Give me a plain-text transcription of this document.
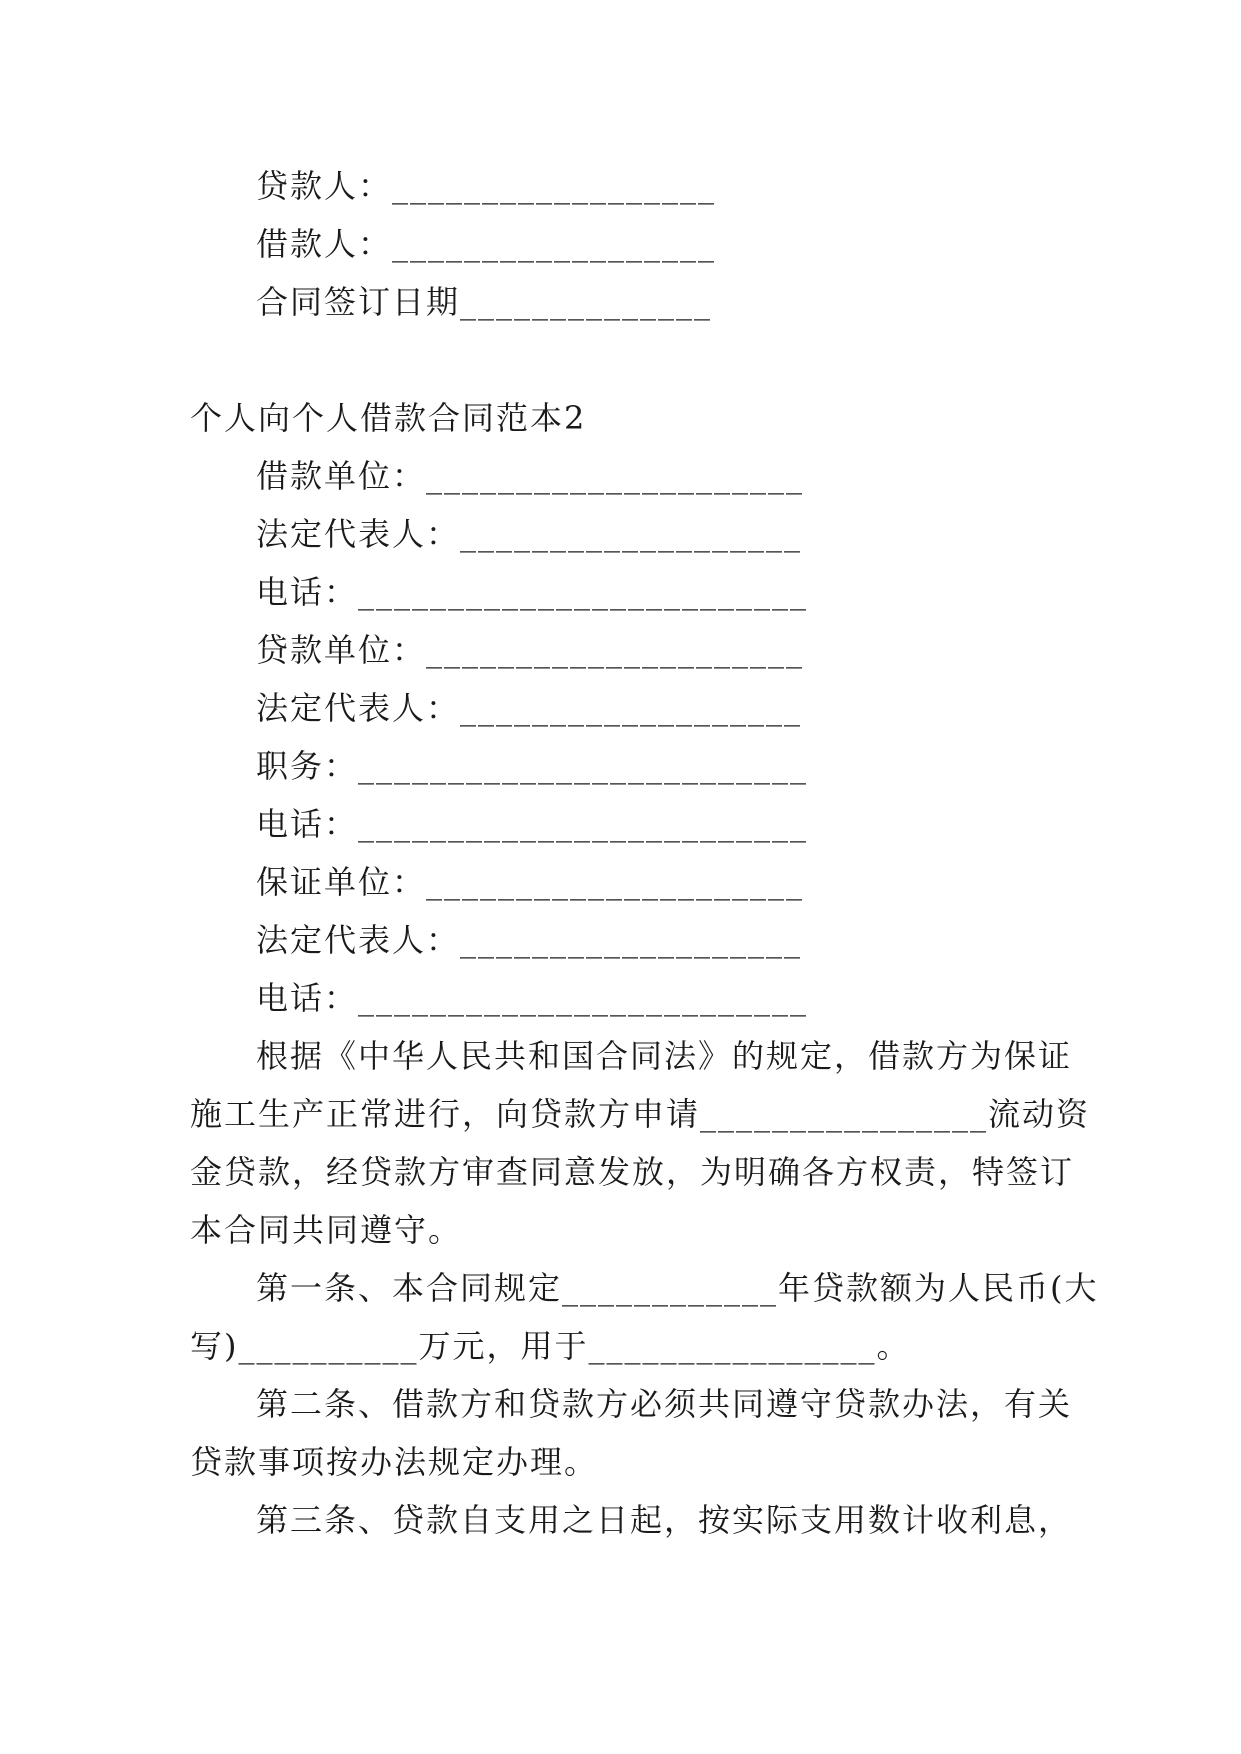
贷款人：__________________
借款人：__________________
合同签订日期______________
个人向个人借款合同范本2
借款单位：_____________________
法定代表人：___________________
电话：_________________________
贷款单位：_____________________
法定代表人：___________________
职务：_________________________
电话：_________________________
保证单位：_____________________
法定代表人：___________________
电话：_________________________
根据《中华人民共和国合同法》的规定，借款方为保证
施工生产正常进行，向贷款方申请________________流动资
金贷款，经贷款方审查同意发放，为明确各方权责，特签订
本合同共同遵守。
第一条、本合同规定____________年贷款额为人民币(大
写)__________万元，用于________________。
第二条、借款方和贷款方必须共同遵守贷款办法，有关
贷款事项按办法规定办理。
第三条、贷款自支用之日起，按实际支用数计收利息，
